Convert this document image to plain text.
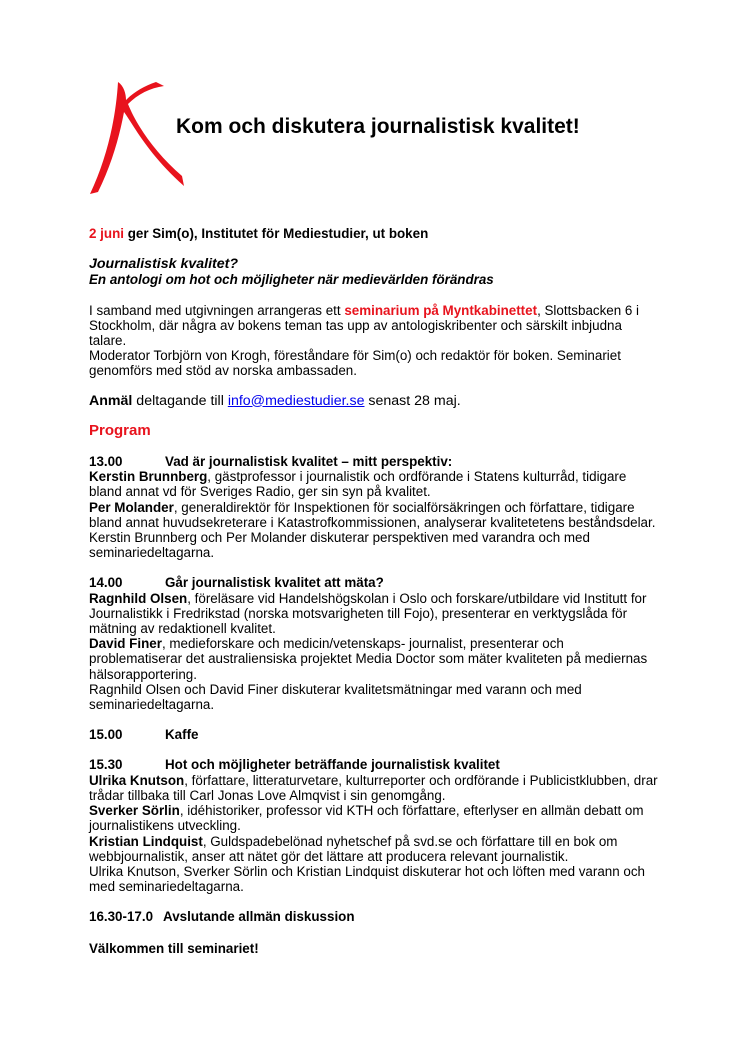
Kom och diskutera journalistisk kvalitet!

2 juni ger Sim(o), Institutet för Mediestudier, ut boken

Journalistisk kvalitet?
En antologi om hot och möjligheter när medievärlden förändras

I samband med utgivningen arrangeras ett seminarium på Myntkabinettet, Slottsbacken 6 i Stockholm, där några av bokens teman tas upp av antologiskribenter och särskilt inbjudna talare.

Moderator Torbjörn von Krogh, föreståndare för Sim(o) och redaktör för boken. Seminariet genomförs med stöd av norska ambassaden.

Anmäl deltagande till info@mediestudier.se senast 28 maj.

Program

13.00	Vad är journalistisk kvalitet – mitt perspektiv:

Kerstin Brunnberg, gästprofessor i journalistik och ordförande i Statens kulturråd, tidigare bland annat vd för Sveriges Radio, ger sin syn på kvalitet.

Per Molander, generaldirektör för Inspektionen för socialförsäkringen och författare, tidigare bland annat huvudsekreterare i Katastrofkommissionen, analyserar kvalitetetens beståndsdelar.

Kerstin Brunnberg och Per Molander diskuterar perspektiven med varandra och med seminariedeltagarna.

14.00	Går journalistisk kvalitet att mäta?

Ragnhild Olsen, föreläsare vid Handelshögskolan i Oslo och forskare/utbildare vid Institutt for Journalistikk i Fredrikstad (norska motsvarigheten till Fojo), presenterar en verktygslåda för mätning av redaktionell kvalitet.

David Finer, medieforskare och medicin/vetenskaps- journalist, presenterar och problematiserar det australiensiska projektet Media Doctor som mäter kvaliteten på mediernas hälsorapportering.

Ragnhild Olsen och David Finer diskuterar kvalitetsmätningar med varann och med seminariedeltagarna.

15.00	Kaffe
15.30	Hot och möjligheter beträffande journalistisk kvalitet

Ulrika Knutson, författare, litteraturvetare, kulturreporter och ordförande i Publicistklubben, drar trådar tillbaka till Carl Jonas Love Almqvist i sin genomgång.

Sverker Sörlin, idéhistoriker, professor vid KTH och författare, efterlyser en allmän debatt om journalistikens utveckling.

Kristian Lindquist, Guldspadebelönad nyhetschef på svd.se och författare till en bok om webbjournalistik, anser att nätet gör det lättare att producera relevant journalistik.

Ulrika Knutson, Sverker Sörlin och Kristian Lindquist diskuterar hot och löften med varann och med seminariedeltagarna.

16.30-17.0 Avslutande allmän diskussion

Välkommen till seminariet!
